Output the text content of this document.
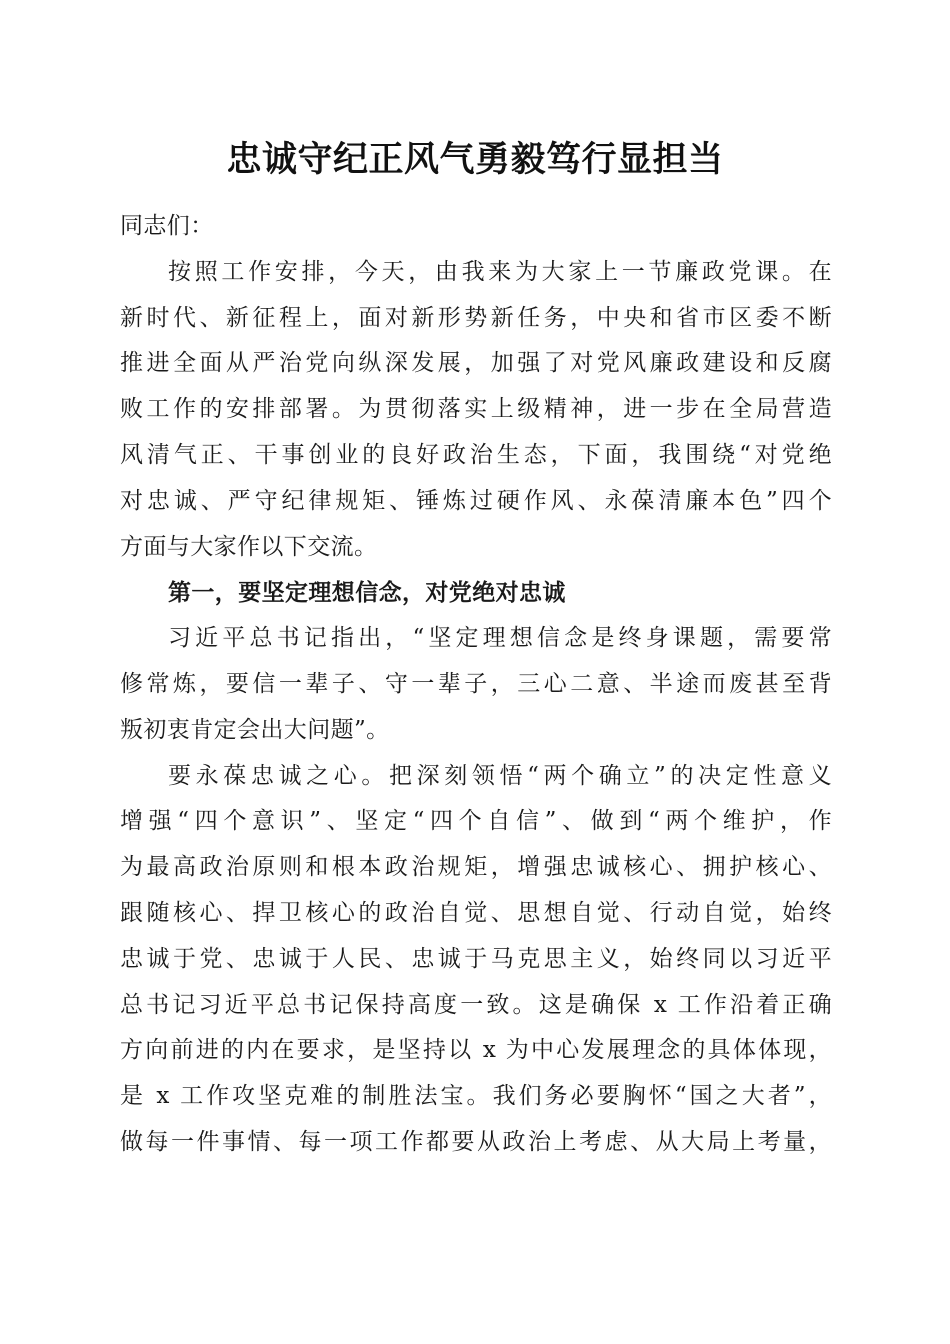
忠诚守纪正风气勇毅笃行显担当
同志们：
按照工作安排，今天，由我来为大家上一节廉政党课。在
新时代、新征程上，面对新形势新任务，中央和省市区委不断
推进全面从严治党向纵深发展，加强了对党风廉政建设和反腐
败工作的安排部署。为贯彻落实上级精神，进一步在全局营造
风清气正、干事创业的良好政治生态，下面，我围绕“对党绝
对忠诚、严守纪律规矩、锤炼过硬作风、永葆清廉本色”四个
方面与大家作以下交流。
第一，要坚定理想信念，对党绝对忠诚
习近平总书记指出，“坚定理想信念是终身课题，需要常
修常炼，要信一辈子、守一辈子，三心二意、半途而废甚至背
叛初衷肯定会出大问题”。
要永葆忠诚之心。把深刻领悟“两个确立”的决定性意义
增强“四个意识”、坚定“四个自信”、做到“两个维护，作
为最高政治原则和根本政治规矩，增强忠诚核心、拥护核心、
跟随核心、捍卫核心的政治自觉、思想自觉、行动自觉，始终
忠诚于党、忠诚于人民、忠诚于马克思主义，始终同以习近平
总书记习近平总书记保持高度一致。这是确保 x 工作沿着正确
方向前进的内在要求，是坚持以 x 为中心发展理念的具体体现，
是 x 工作攻坚克难的制胜法宝。我们务必要胸怀“国之大者”，
做每一件事情、每一项工作都要从政治上考虑、从大局上考量，
